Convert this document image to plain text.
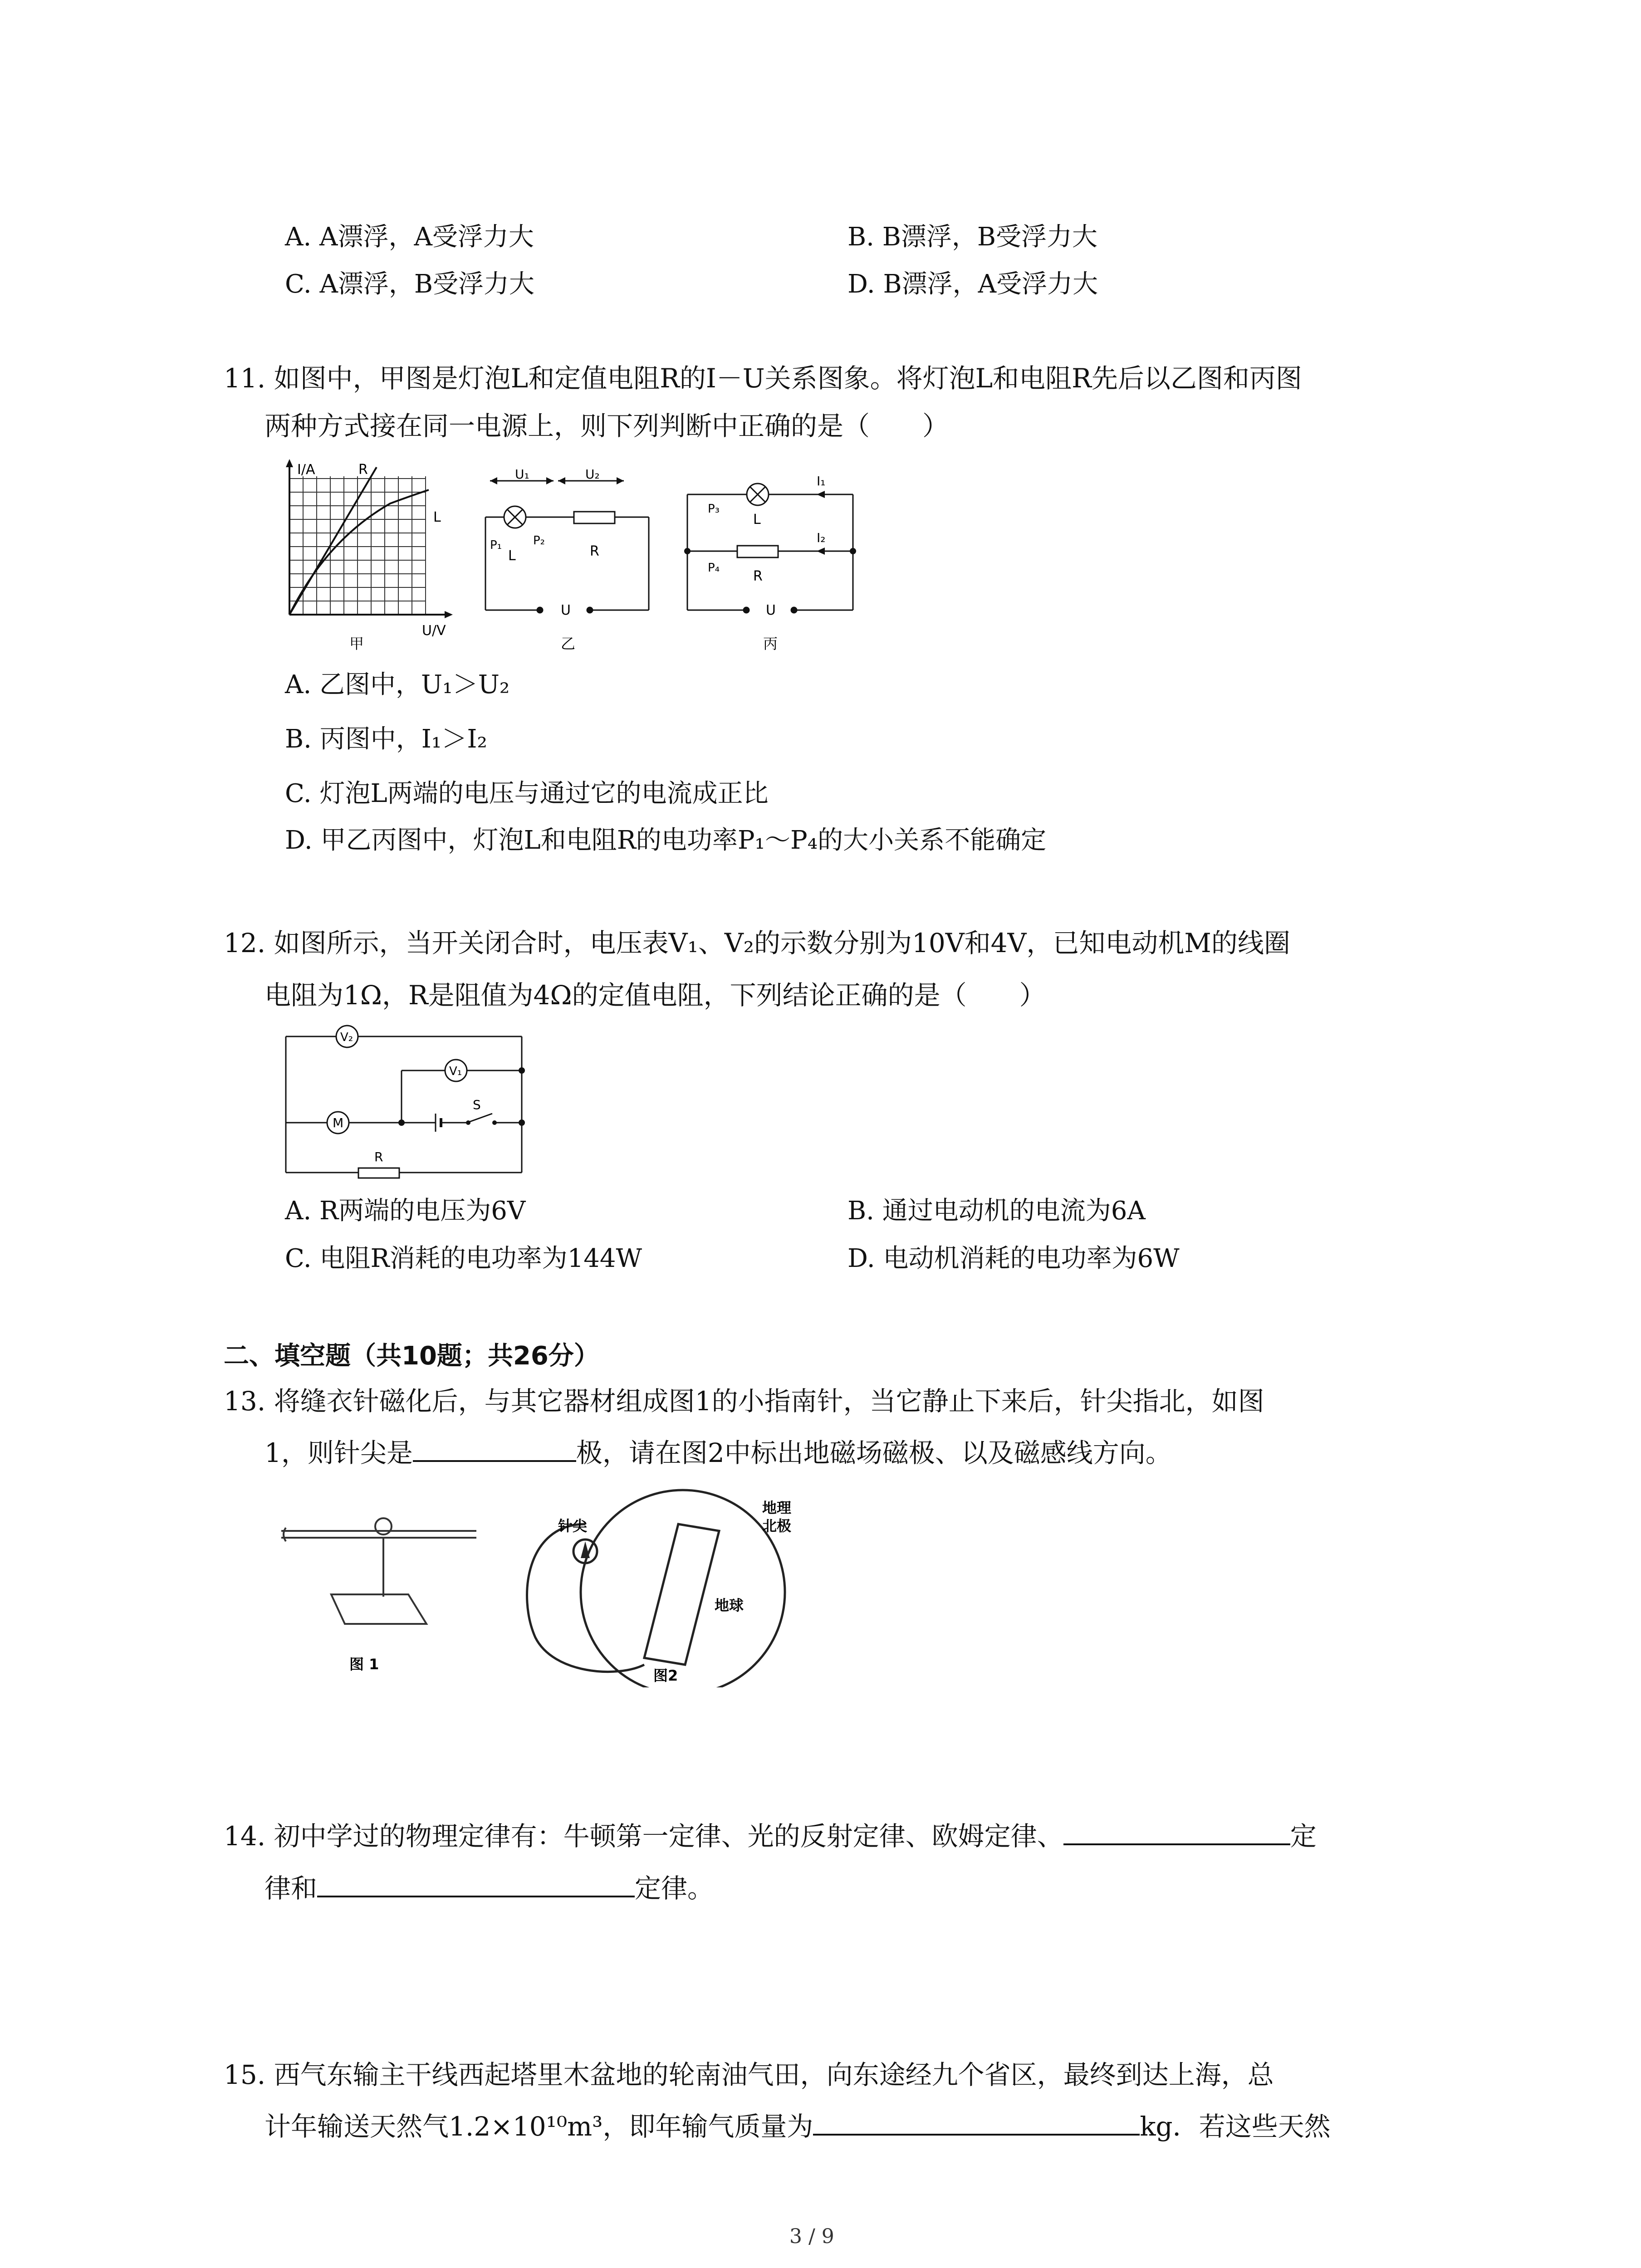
A. A漂浮，A受浮力大	B. B漂浮，B受浮力大
C. A漂浮，B受浮力大	D. B漂浮，A受浮力大
11. 如图中，甲图是灯泡L和定值电阻R的I－U关系图象。将灯泡L和电阻R先后以乙图和丙图
两种方式接在同一电源上，则下列判断中正确的是（　　）
I/A	R
L
U/V
甲
U₁	U₂
P₁	P₂
L	R
U
乙
I₁
I₂
P₃
L
P₄
R
U
丙
A. 乙图中，U₁＞U₂
B. 丙图中，I₁＞I₂
C. 灯泡L两端的电压与通过它的电流成正比
D. 甲乙丙图中，灯泡L和电阻R的电功率P₁～P₄的大小关系不能确定
12. 如图所示，当开关闭合时，电压表V₁、V₂的示数分别为10V和4V，已知电动机M的线圈
电阻为1Ω，R是阻值为4Ω的定值电阻，下列结论正确的是（　　）
V₂
V₁
M
S
R
A. R两端的电压为6V	B. 通过电动机的电流为6A
C. 电阻R消耗的电功率为144W	D. 电动机消耗的电功率为6W
二、填空题（共10题；共26分）
13. 将缝衣针磁化后，与其它器材组成图1的小指南针，当它静止下来后，针尖指北，如图
1，则针尖是	极，请在图2中标出地磁场磁极、以及磁感线方向。
图 1
针尖
地理
北极
地球
图2
14. 初中学过的物理定律有：牛顿第一定律、光的反射定律、欧姆定律、	定
律和	定律。
15. 西气东输主干线西起塔里木盆地的轮南油气田，向东途经九个省区，最终到达上海，总
计年输送天然气1.2×10¹⁰m³，即年输气质量为	kg．若这些天然
3 / 9
